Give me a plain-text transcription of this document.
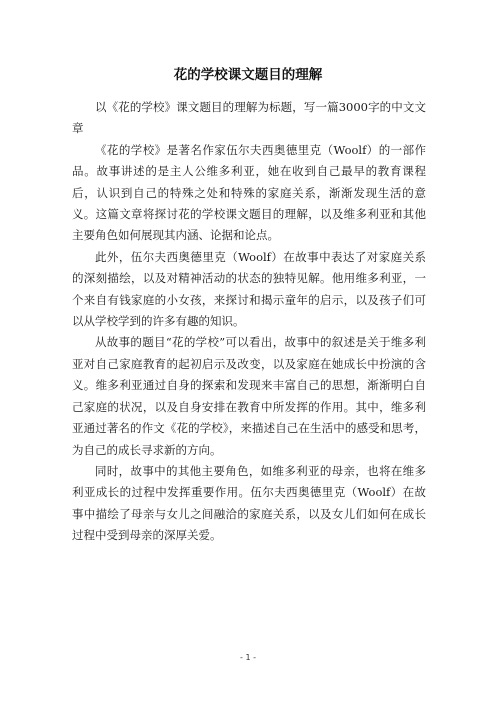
花的学校课文题目的理解

以《花的学校》课文题目的理解为标题，写一篇3000字的中文文章

《花的学校》是著名作家伍尔夫西奥德里克（Woolf）的一部作品。故事讲述的是主人公维多利亚，她在收到自己最早的教育课程后，认识到自己的特殊之处和特殊的家庭关系，渐渐发现生活的意义。这篇文章将探讨花的学校课文题目的理解，以及维多利亚和其他主要角色如何展现其内涵、论据和论点。

此外，伍尔夫西奥德里克（Woolf）在故事中表达了对家庭关系的深刻描绘，以及对精神活动的状态的独特见解。他用维多利亚，一个来自有钱家庭的小女孩，来探讨和揭示童年的启示，以及孩子们可以从学校学到的许多有趣的知识。

从故事的题目“花的学校”可以看出，故事中的叙述是关于维多利亚对自己家庭教育的起初启示及改变，以及家庭在她成长中扮演的含义。维多利亚通过自身的探索和发现来丰富自己的思想，渐渐明白自己家庭的状况，以及自身安排在教育中所发挥的作用。其中，维多利亚通过著名的作文《花的学校》，来描述自己在生活中的感受和思考，为自己的成长寻求新的方向。

同时，故事中的其他主要角色，如维多利亚的母亲，也将在维多利亚成长的过程中发挥重要作用。伍尔夫西奥德里克（Woolf）在故事中描绘了母亲与女儿之间融洽的家庭关系，以及女儿们如何在成长过程中受到母亲的深厚关爱。

- 1 -
